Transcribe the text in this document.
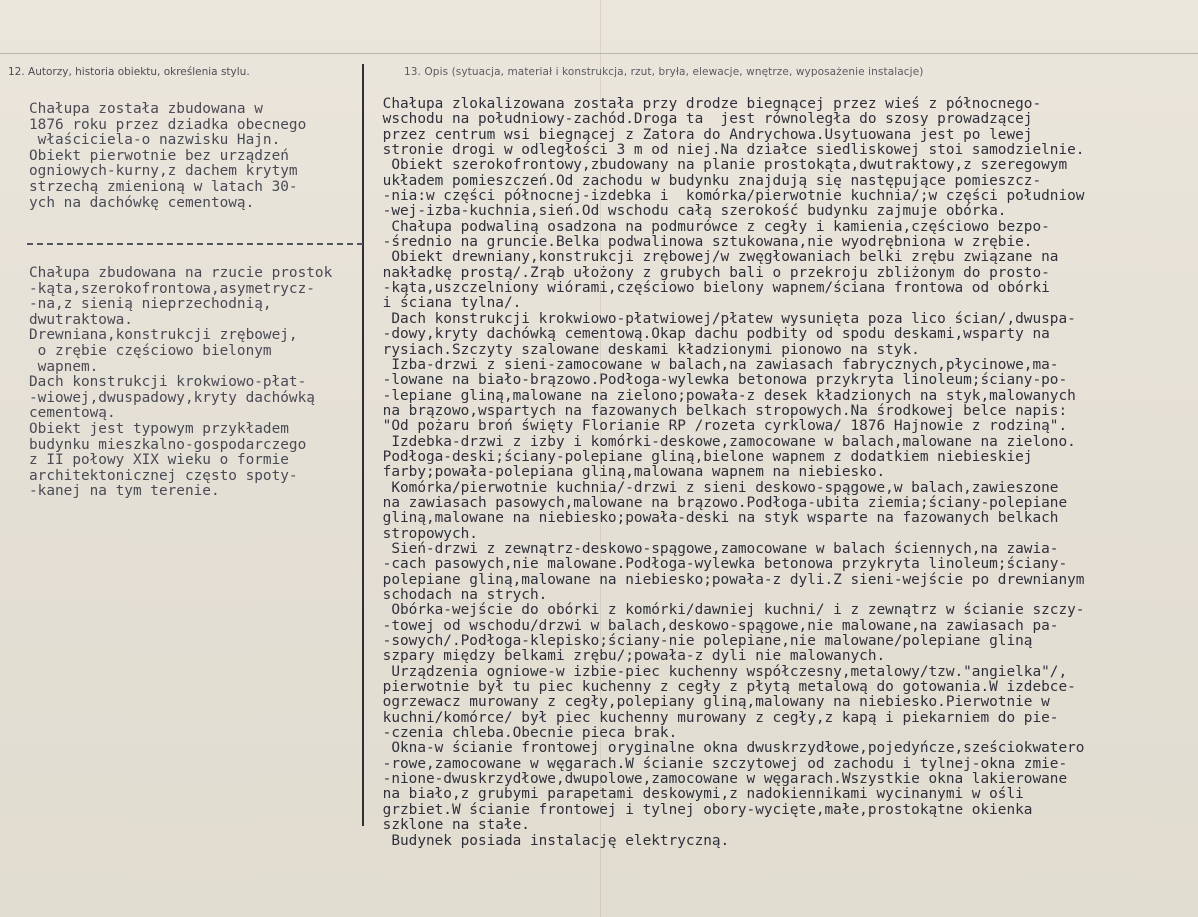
12. Autorzy, historia obiektu, określenia stylu.	13. Opis (sytuacja, materiał i konstrukcja, rzut, bryła, elewacje, wnętrze, wyposażenie instalacje)

Chałupa została zbudowana w
1876 roku przez dziadka obecnego
właściciela-o nazwisku Hajn.
Obiekt pierwotnie bez urządzeń
ogniowych-kurny,z dachem krytym
strzechą zmienioną w latach 30-
ych na dachówkę cementową.

Chałupa zbudowana na rzucie prostok
-kąta,szerokofrontowa,asymetrycz-
-na,z sienią nieprzechodnią,
dwutraktowa.
Drewniana,konstrukcji zrębowej,
o zrębie częściowo bielonym
wapnem.
Dach konstrukcji krokwiowo-płat-
-wiowej,dwuspadowy,kryty dachówką
cementową.
Obiekt jest typowym przykładem
budynku mieszkalno-gospodarczego
z II połowy XIX wieku o formie
architektonicznej często spoty-
-kanej na tym terenie.

Chałupa zlokalizowana została przy drodze biegnącej przez wieś z północnego-
wschodu na południowy-zachód.Droga ta  jest równoległa do szosy prowadzącej
przez centrum wsi biegnącej z Zatora do Andrychowa.Usytuowana jest po lewej
stronie drogi w odległości 3 m od niej.Na działce siedliskowej stoi samodzielnie.
Obiekt szerokofrontowy,zbudowany na planie prostokąta,dwutraktowy,z szeregowym
układem pomieszczeń.Od zachodu w budynku znajdują się następujące pomieszcz-
-nia:w części północnej-izdebka i  komórka/pierwotnie kuchnia/;w części południow
-wej-izba-kuchnia,sień.Od wschodu całą szerokość budynku zajmuje obórka.
Chałupa podwaliną osadzona na podmurówce z cegły i kamienia,częściowo bezpo-
-średnio na gruncie.Belka podwalinowa sztukowana,nie wyodrębniona w zrębie.
Obiekt drewniany,konstrukcji zrębowej/w zwęgłowaniach belki zrębu związane na
nakładkę prostą/.Zrąb ułożony z grubych bali o przekroju zbliżonym do prosto-
-kąta,uszczelniony wiórami,częściowo bielony wapnem/ściana frontowa od obórki
i ściana tylna/.
Dach konstrukcji krokwiowo-płatwiowej/płatew wysunięta poza lico ścian/,dwuspa-
-dowy,kryty dachówką cementową.Okap dachu podbity od spodu deskami,wsparty na
rysiach.Szczyty szalowane deskami kładzionymi pionowo na styk.
Izba-drzwi z sieni-zamocowane w balach,na zawiasach fabrycznych,płycinowe,ma-
-lowane na biało-brązowo.Podłoga-wylewka betonowa przykryta linoleum;ściany-po-
-lepiane gliną,malowane na zielono;powała-z desek kładzionych na styk,malowanych
na brązowo,wspartych na fazowanych belkach stropowych.Na środkowej belce napis:
"Od pożaru broń święty Florianie RP /rozeta cyrklowa/ 1876 Hajnowie z rodziną".
Izdebka-drzwi z izby i komórki-deskowe,zamocowane w balach,malowane na zielono.
Podłoga-deski;ściany-polepiane gliną,bielone wapnem z dodatkiem niebieskiej
farby;powała-polepiana gliną,malowana wapnem na niebiesko.
Komórka/pierwotnie kuchnia/-drzwi z sieni deskowo-spągowe,w balach,zawieszone
na zawiasach pasowych,malowane na brązowo.Podłoga-ubita ziemia;ściany-polepiane
gliną,malowane na niebiesko;powała-deski na styk wsparte na fazowanych belkach
stropowych.
Sień-drzwi z zewnątrz-deskowo-spągowe,zamocowane w balach ściennych,na zawia-
-cach pasowych,nie malowane.Podłoga-wylewka betonowa przykryta linoleum;ściany-
polepiane gliną,malowane na niebiesko;powała-z dyli.Z sieni-wejście po drewnianym
schodach na strych.
Obórka-wejście do obórki z komórki/dawniej kuchni/ i z zewnątrz w ścianie szczy-
-towej od wschodu/drzwi w balach,deskowo-spągowe,nie malowane,na zawiasach pa-
-sowych/.Podłoga-klepisko;ściany-nie polepiane,nie malowane/polepiane gliną
szpary między belkami zrębu/;powała-z dyli nie malowanych.
Urządzenia ogniowe-w izbie-piec kuchenny współczesny,metalowy/tzw."angielka"/,
pierwotnie był tu piec kuchenny z cegły z płytą metalową do gotowania.W izdebce-
ogrzewacz murowany z cegły,polepiany gliną,malowany na niebiesko.Pierwotnie w
kuchni/komórce/ był piec kuchenny murowany z cegły,z kapą i piekarniem do pie-
-czenia chleba.Obecnie pieca brak.
Okna-w ścianie frontowej oryginalne okna dwuskrzydłowe,pojedyńcze,sześciokwatero
-rowe,zamocowane w węgarach.W ścianie szczytowej od zachodu i tylnej-okna zmie-
-nione-dwuskrzydłowe,dwupolowe,zamocowane w węgarach.Wszystkie okna lakierowane
na biało,z grubymi parapetami deskowymi,z nadokiennikami wycinanymi w ośli
grzbiet.W ścianie frontowej i tylnej obory-wycięte,małe,prostokątne okienka
szklone na stałe.
Budynek posiada instalację elektryczną.
